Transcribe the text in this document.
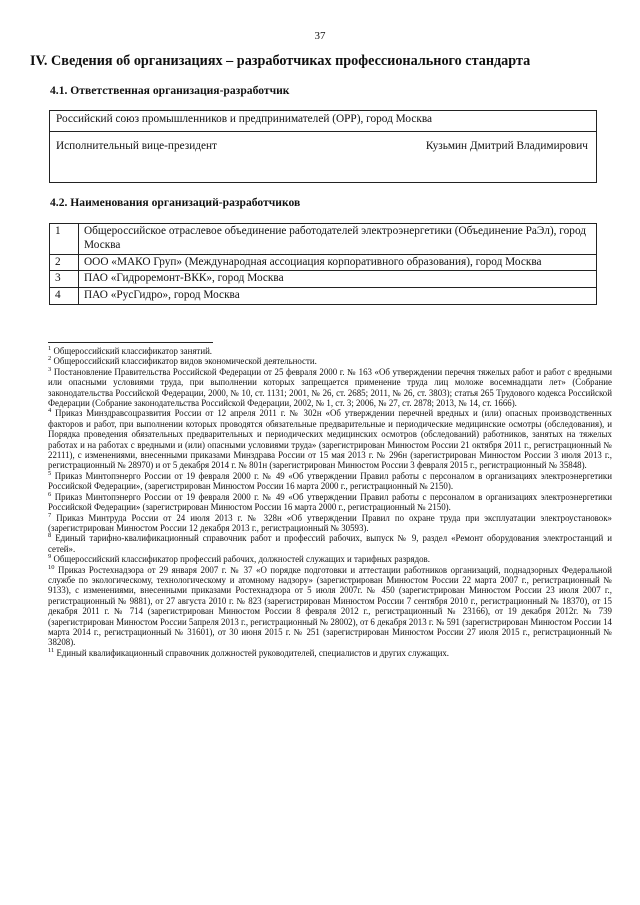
37
IV. Сведения об организациях – разработчиках профессионального стандарта
4.1. Ответственная организация-разработчик
Российский союз промышленников и предпринимателей (ОРР), город Москва

Исполнительный вице-президент	Кузьмин Дмитрий Владимирович
4.2. Наименования организаций-разработчиков
1	Общероссийское отраслевое объединение работодателей электроэнергетики (Объединение РаЭл), город Москва
2	ООО «МАКО Груп» (Международная ассоциация корпоративного образования), город Москва
3	ПАО «Гидроремонт-ВКК», город Москва
4	ПАО «РусГидро», город Москва

$^1$ Общероссийский классификатор занятий.

$^2$ Общероссийский классификатор видов экономической деятельности.

$^3$ Постановление Правительства Российской Федерации от 25 февраля 2000 г. № 163 «Об утверждении перечня тяжелых работ и работ с вредными или опасными условиями труда, при выполнении которых запрещается применение труда лиц моложе восемнадцати лет» (Собрание законодательства Российской Федерации, 2000, № 10, ст. 1131; 2001, № 26, ст. 2685; 2011, № 26, ст. 3803); статья 265 Трудового кодекса Российской Федерации (Собрание законодательства Российской Федерации, 2002, № 1, ст. 3; 2006, № 27, ст. 2878; 2013, № 14, ст. 1666).

$^4$ Приказ Минздравсоцразвития России от 12 апреля 2011 г. № 302н «Об утверждении перечней вредных и (или) опасных производственных факторов и работ, при выполнении которых проводятся обязательные предварительные и периодические медицинские осмотры (обследования), и Порядка проведения обязательных предварительных и периодических медицинских осмотров (обследований) работников, занятых на тяжелых работах и на работах с вредными и (или) опасными условиями труда» (зарегистрирован Минюстом России 21 октября 2011 г., регистрационный № 22111), с изменениями, внесенными приказами Минздрава России от 15 мая 2013 г. № 296н (зарегистрирован Минюстом России 3 июля 2013 г., регистрационный № 28970) и от 5 декабря 2014 г. № 801н (зарегистрирован Минюстом России 3 февраля 2015 г., регистрационный № 35848).

$^5$ Приказ Минтопэнерго России от 19 февраля 2000 г. № 49 «Об утверждении Правил работы с персоналом в организациях электроэнергетики Российской Федерации», (зарегистрирован Минюстом России 16 марта 2000 г., регистрационный № 2150).

$^6$ Приказ Минтопэнерго России от 19 февраля 2000 г. № 49 «Об утверждении Правил работы с персоналом в организациях электроэнергетики Российской Федерации» (зарегистрирован Минюстом России 16 марта 2000 г., регистрационный № 2150).

$^7$ Приказ Минтруда России от 24 июля 2013 г. № 328н «Об утверждении Правил по охране труда при эксплуатации электроустановок» (зарегистрирован Минюстом России 12 декабря 2013 г., регистрационный № 30593).

$^8$ Единый тарифно-квалификационный справочник работ и профессий рабочих, выпуск № 9, раздел «Ремонт оборудования электростанций и сетей».

$^9$ Общероссийский классификатор профессий рабочих, должностей служащих и тарифных разрядов.

$^{10}$ Приказ Ростехнадзора от 29 января 2007 г. № 37 «О порядке подготовки и аттестации работников организаций, поднадзорных Федеральной службе по экологическому, технологическому и атомному надзору» (зарегистрирован Минюстом России 22 марта 2007 г., регистрационный № 9133), с изменениями, внесенными приказами Ростехнадзора от 5 июля 2007г. № 450 (зарегистрирован Минюстом России 23 июля 2007 г., регистрационный № 9881), от 27 августа 2010 г. № 823 (зарегистрирован Минюстом России 7 сентября 2010 г., регистрационный № 18370), от 15 декабря 2011 г. № 714 (зарегистрирован Минюстом России 8 февраля 2012 г., регистрационный № 23166), от 19 декабря 2012г. № 739 (зарегистрирован Минюстом России 5апреля 2013 г., регистрационный № 28002), от 6 декабря 2013 г. № 591 (зарегистрирован Минюстом России 14 марта 2014 г., регистрационный № 31601), от 30 июня 2015 г. № 251 (зарегистрирован Минюстом России 27 июля 2015 г., регистрационный № 38208).

$^{11}$ Единый квалификационный справочник должностей руководителей, специалистов и других служащих.
